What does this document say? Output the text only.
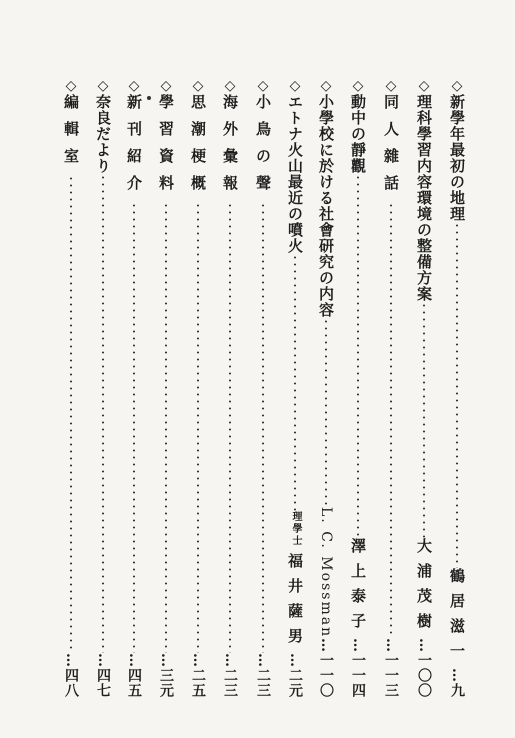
◇
新學年最初の地理
鶴居滋一
…九
◇
理科學習内容環境の整備方案
大浦茂樹
…一〇〇
◇
同人雜話
…一一三
◇
動中の靜觀
澤上泰子
…一一四
◇
小學校に於ける社會研究の内容
L. C. Mossman
…一一〇
◇
エトナ火山最近の噴火
理學士
福井薩男
…二元
◇
小鳥の聲
…二三
◇
海外彙報
…二三
◇
思潮梗概
…二五
◇
學習資料
…三元
◇
新刊紹介
…四五
◇
奈良だより
…四七
◇
編輯室
…四八
